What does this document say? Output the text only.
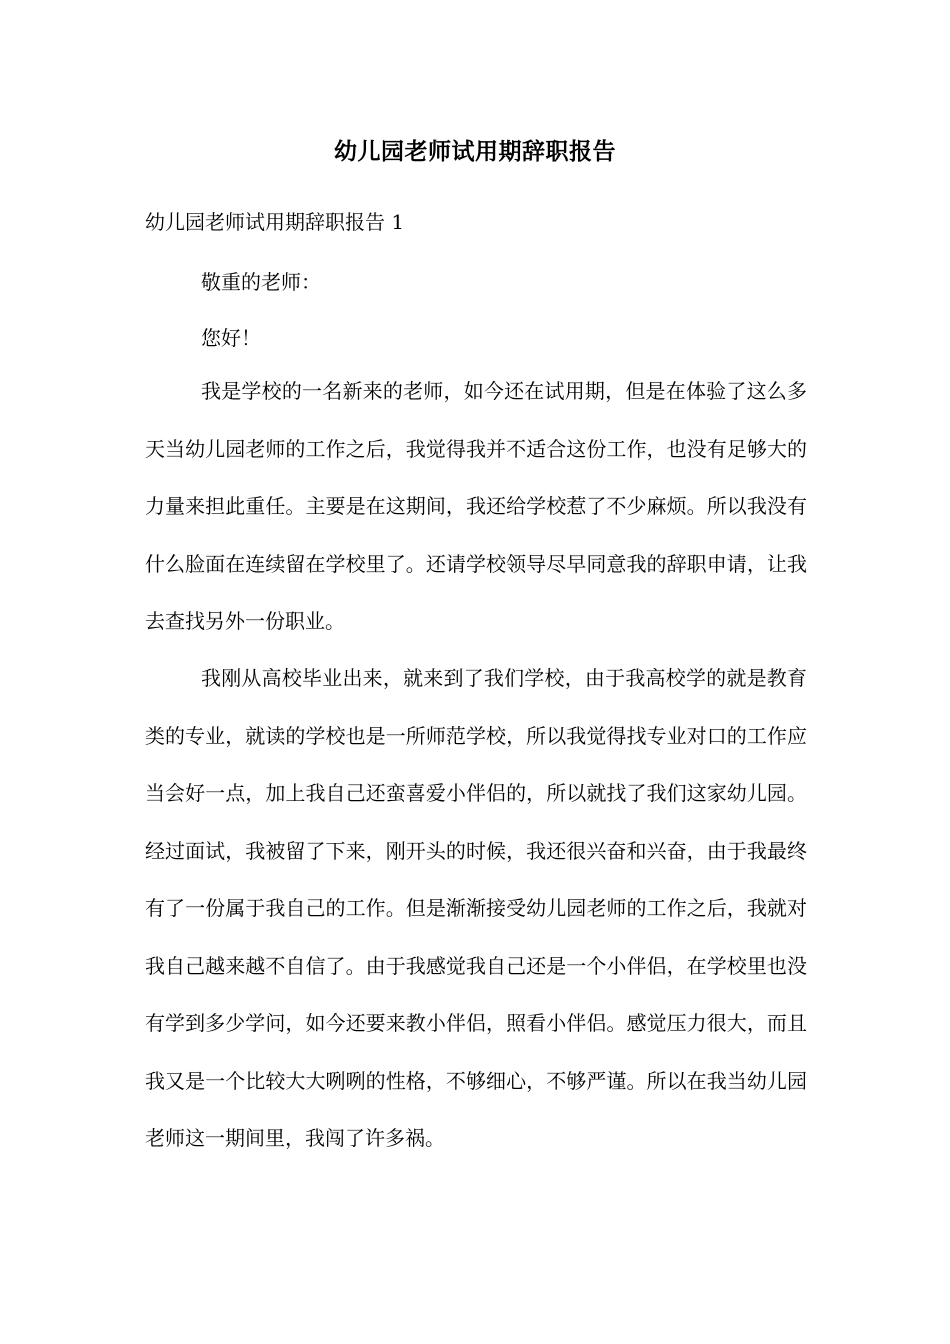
幼儿园老师试用期辞职报告
幼儿园老师试用期辞职报告 1
敬重的老师：
您好！

我是学校的一名新来的老师，如今还在试用期，但是在体验了这么多天当幼儿园老师的工作之后，我觉得我并不适合这份工作，也没有足够大的力量来担此重任。主要是在这期间，我还给学校惹了不少麻烦。所以我没有什么脸面在连续留在学校里了。还请学校领导尽早同意我的辞职申请，让我去查找另外一份职业。

我刚从高校毕业出来，就来到了我们学校，由于我高校学的就是教育类的专业，就读的学校也是一所师范学校，所以我觉得找专业对口的工作应当会好一点，加上我自己还蛮喜爱小伴侣的，所以就找了我们这家幼儿园。经过面试，我被留了下来，刚开头的时候，我还很兴奋和兴奋，由于我最终有了一份属于我自己的工作。但是渐渐接受幼儿园老师的工作之后，我就对我自己越来越不自信了。由于我感觉我自己还是一个小伴侣，在学校里也没有学到多少学问，如今还要来教小伴侣，照看小伴侣。感觉压力很大，而且我又是一个比较大大咧咧的性格，不够细心，不够严谨。所以在我当幼儿园老师这一期间里，我闯了许多祸。
